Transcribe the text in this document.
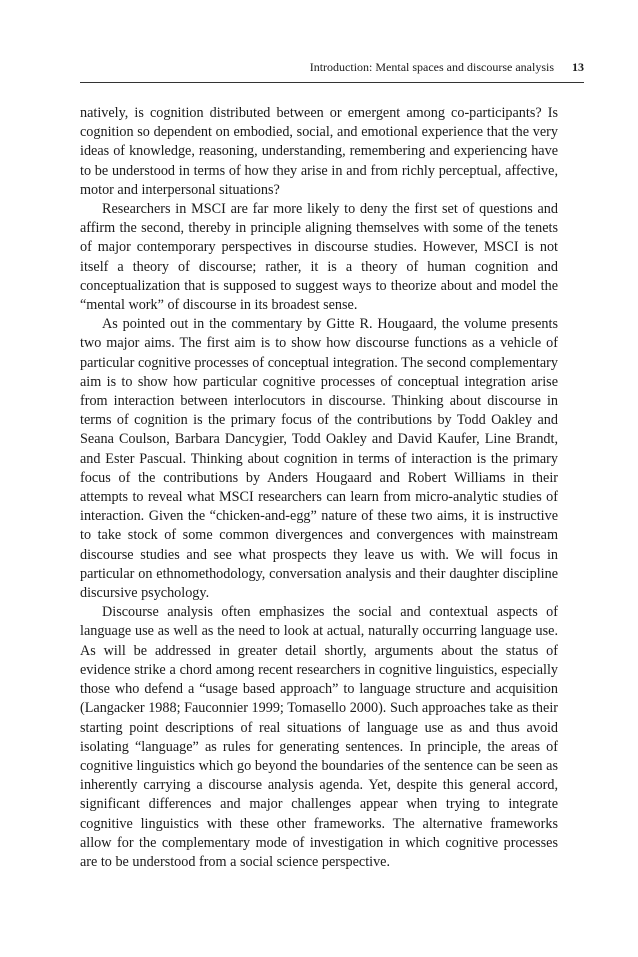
Introduction: Mental spaces and discourse analysis 13

natively, is cognition distributed between or emergent among co-participants? Is cognition so dependent on embodied, social, and emotional experience that the very ideas of knowledge, reasoning, understanding, remembering and experiencing have to be understood in terms of how they arise in and from richly perceptual, affective, motor and interpersonal situations?

Researchers in MSCI are far more likely to deny the first set of questions and affirm the second, thereby in principle aligning themselves with some of the tenets of major contemporary perspectives in discourse studies. However, MSCI is not itself a theory of discourse; rather, it is a theory of human cognition and conceptualization that is supposed to suggest ways to theorize about and model the “mental work” of discourse in its broadest sense.

As pointed out in the commentary by Gitte R. Hougaard, the volume presents two major aims. The first aim is to show how discourse functions as a vehicle of particular cognitive processes of conceptual integration. The second complementary aim is to show how particular cognitive processes of conceptual integration arise from interaction between interlocutors in discourse. Thinking about discourse in terms of cognition is the primary focus of the contributions by Todd Oakley and Seana Coulson, Barbara Dancygier, Todd Oakley and David Kaufer, Line Brandt, and Ester Pascual. Thinking about cognition in terms of interaction is the primary focus of the contributions by Anders Hougaard and Robert Williams in their attempts to reveal what MSCI researchers can learn from micro-analytic studies of interaction. Given the “chicken-and-egg” nature of these two aims, it is instructive to take stock of some common divergences and convergences with mainstream discourse studies and see what prospects they leave us with. We will focus in particular on ethnomethodology, conversation analysis and their daughter discipline discursive psychology.

Discourse analysis often emphasizes the social and contextual aspects of language use as well as the need to look at actual, naturally occurring language use. As will be addressed in greater detail shortly, arguments about the status of evidence strike a chord among recent researchers in cognitive linguistics, especially those who defend a “usage based approach” to language structure and acquisition (Langacker 1988; Fauconnier 1999; Tomasello 2000). Such approaches take as their starting point descriptions of real situations of language use as and thus avoid isolating “language” as rules for generating sentences. In principle, the areas of cognitive linguistics which go beyond the boundaries of the sentence can be seen as inherently carrying a discourse analysis agenda. Yet, despite this general accord, significant differences and major challenges appear when trying to integrate cognitive linguistics with these other frameworks. The alternative frameworks allow for the complementary mode of investigation in which cognitive processes are to be understood from a social science perspective.
